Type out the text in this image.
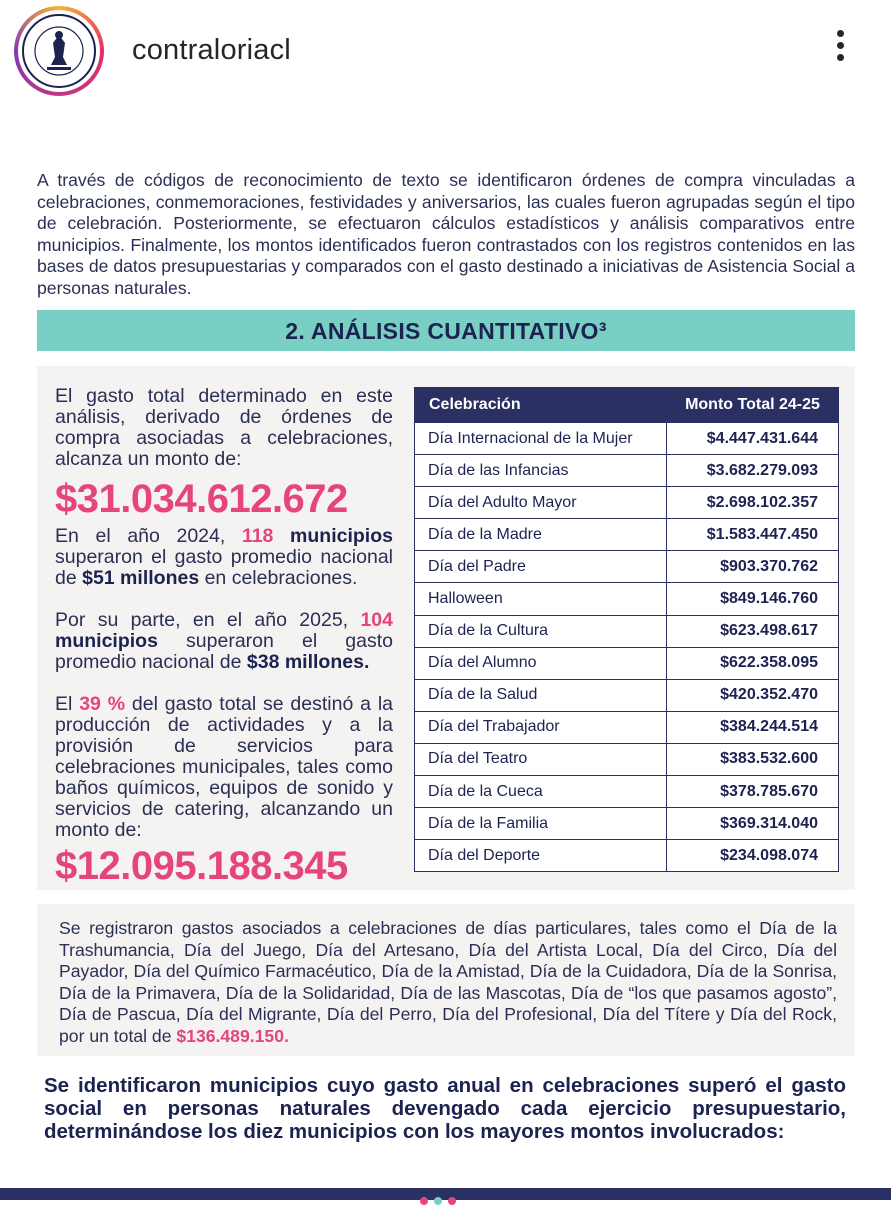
contraloriacl

A través de códigos de reconocimiento de texto se identificaron órdenes de compra vinculadas a celebraciones, conmemoraciones, festividades y aniversarios, las cuales fueron agrupadas según el tipo de celebración. Posteriormente, se efectuaron cálculos estadísticos y análisis comparativos entre municipios. Finalmente, los montos identificados fueron contrastados con los registros contenidos en las bases de datos presupuestarias y comparados con el gasto destinado a iniciativas de Asistencia Social a personas naturales.

2. ANÁLISIS CUANTITATIVO³

El gasto total determinado en este análisis, derivado de órdenes de compra asociadas a celebraciones, alcanza un monto de:

$31.034.612.672

En el año 2024, 118 municipios superaron el gasto promedio nacional de $51 millones en celebraciones.

Por su parte, en el año 2025, 104 municipios superaron el gasto promedio nacional de $38 millones.

El 39 % del gasto total se destinó a la producción de actividades y a la provisión de servicios para celebraciones municipales, tales como baños químicos, equipos de sonido y servicios de catering, alcanzando un monto de:

$12.095.188.345
Celebración	Monto Total 24-25
Día Internacional de la Mujer	$4.447.431.644
Día de las Infancias	$3.682.279.093
Día del Adulto Mayor	$2.698.102.357
Día de la Madre	$1.583.447.450
Día del Padre	$903.370.762
Halloween	$849.146.760
Día de la Cultura	$623.498.617
Día del Alumno	$622.358.095
Día de la Salud	$420.352.470
Día del Trabajador	$384.244.514
Día del Teatro	$383.532.600
Día de la Cueca	$378.785.670
Día de la Familia	$369.314.040
Día del Deporte	$234.098.074

Se registraron gastos asociados a celebraciones de días particulares, tales como el Día de la Trashumancia, Día del Juego, Día del Artesano, Día del Artista Local, Día del Circo, Día del Payador, Día del Químico Farmacéutico, Día de la Amistad, Día de la Cuidadora, Día de la Sonrisa, Día de la Primavera, Día de la Solidaridad, Día de las Mascotas, Día de “los que pasamos agosto”, Día de Pascua, Día del Migrante, Día del Perro, Día del Profesional, Día del Títere y Día del Rock, por un total de $136.489.150.

Se identificaron municipios cuyo gasto anual en celebraciones superó el gasto social en personas naturales devengado cada ejercicio presupuestario, determinándose los diez municipios con los mayores montos involucrados:
